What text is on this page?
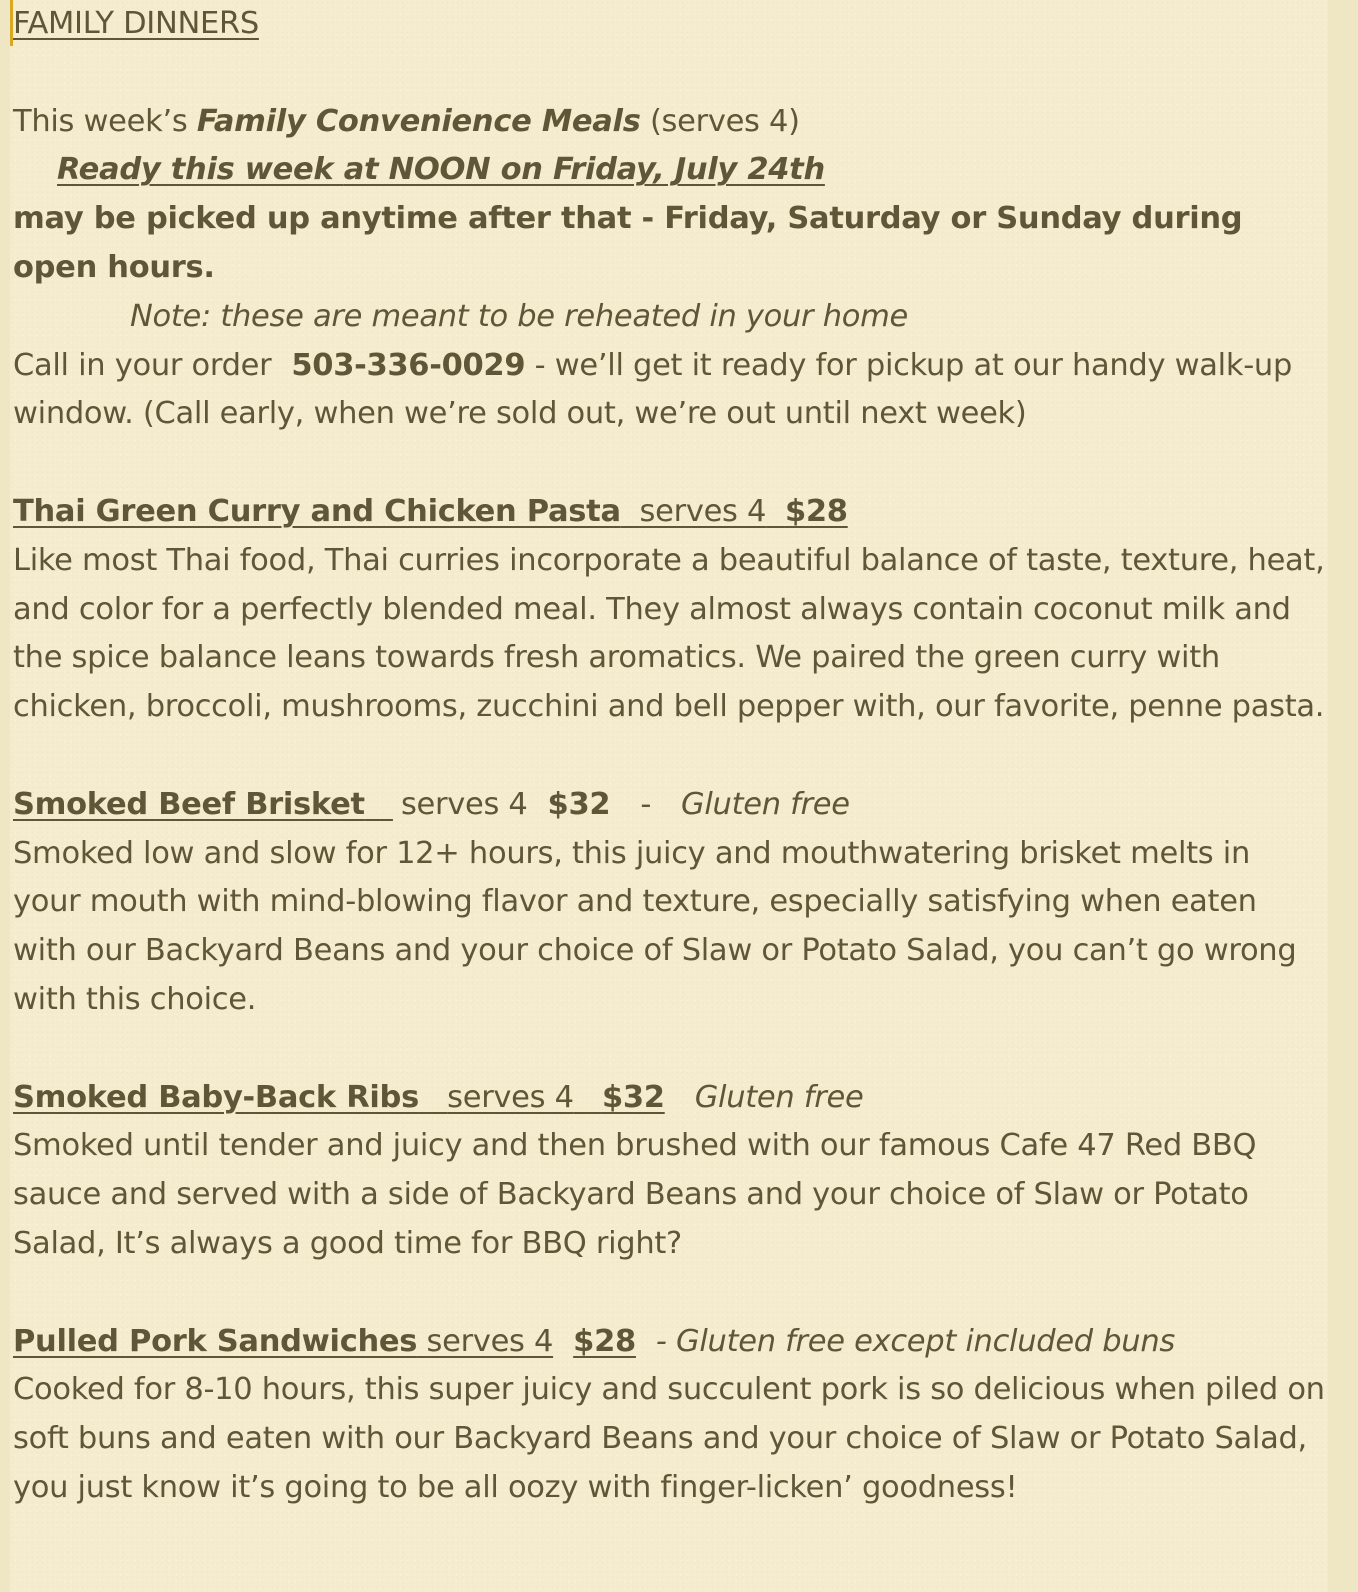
FAMILY DINNERS
This week’s Family Convenience Meals (serves 4)
Ready this week at NOON on Friday, July 24th
may be picked up anytime after that - Friday, Saturday or Sunday during open hours.
Note: these are meant to be reheated in your home
Call in your order 503-336-0029 - we’ll get it ready for pickup at our handy walk-up window. (Call early, when we’re sold out, we’re out until next week)
Thai Green Curry and Chicken Pasta serves 4 $28
Like most Thai food, Thai curries incorporate a beautiful balance of taste, texture, heat, and color for a perfectly blended meal. They almost always contain coconut milk and the spice balance leans towards fresh aromatics. We paired the green curry with chicken, broccoli, mushrooms, zucchini and bell pepper with, our favorite, penne pasta.
Smoked Beef Brisket serves 4 $32 - Gluten free
Smoked low and slow for 12+ hours, this juicy and mouthwatering brisket melts in your mouth with mind-blowing flavor and texture, especially satisfying when eaten with our Backyard Beans and your choice of Slaw or Potato Salad, you can’t go wrong with this choice.
Smoked Baby-Back Ribs serves 4 $32 Gluten free
Smoked until tender and juicy and then brushed with our famous Cafe 47 Red BBQ sauce and served with a side of Backyard Beans and your choice of Slaw or Potato Salad, It’s always a good time for BBQ right?
Pulled Pork Sandwiches serves 4 $28 - Gluten free except included buns
Cooked for 8-10 hours, this super juicy and succulent pork is so delicious when piled on soft buns and eaten with our Backyard Beans and your choice of Slaw or Potato Salad, you just know it’s going to be all oozy with finger-licken’ goodness!
